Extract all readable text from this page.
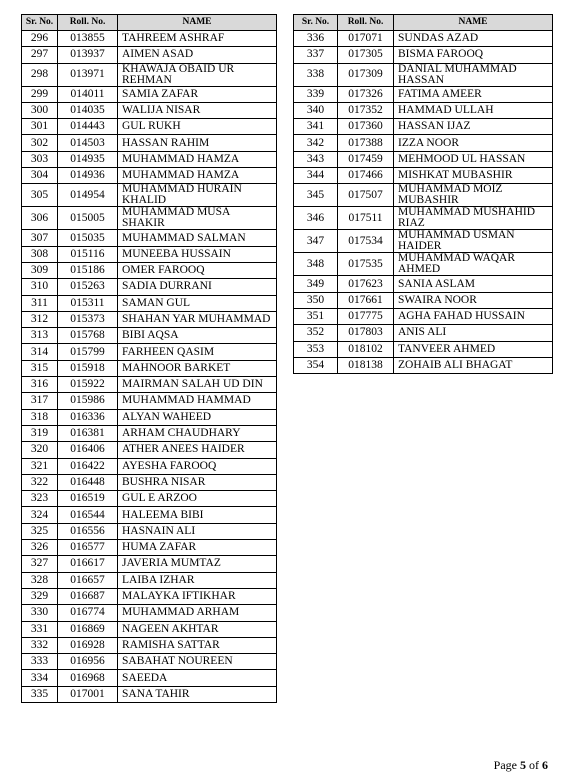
Sr. No.	Roll. No.	NAME
296	013855	TAHREEM ASHRAF
297	013937	AIMEN ASAD
298	013971	KHAWAJA OBAID UR REHMAN
299	014011	SAMIA ZAFAR
300	014035	WALIJA NISAR
301	014443	GUL RUKH
302	014503	HASSAN RAHIM
303	014935	MUHAMMAD HAMZA
304	014936	MUHAMMAD HAMZA
305	014954	MUHAMMAD HURAIN KHALID
306	015005	MUHAMMAD MUSA SHAKIR
307	015035	MUHAMMAD SALMAN
308	015116	MUNEEBA HUSSAIN
309	015186	OMER FAROOQ
310	015263	SADIA DURRANI
311	015311	SAMAN GUL
312	015373	SHAHAN YAR MUHAMMAD
313	015768	BIBI AQSA
314	015799	FARHEEN QASIM
315	015918	MAHNOOR BARKET
316	015922	MAIRMAN SALAH UD DIN
317	015986	MUHAMMAD HAMMAD
318	016336	ALYAN WAHEED
319	016381	ARHAM CHAUDHARY
320	016406	ATHER ANEES HAIDER
321	016422	AYESHA FAROOQ
322	016448	BUSHRA NISAR
323	016519	GUL E ARZOO
324	016544	HALEEMA BIBI
325	016556	HASNAIN ALI
326	016577	HUMA ZAFAR
327	016617	JAVERIA MUMTAZ
328	016657	LAIBA IZHAR
329	016687	MALAYKA IFTIKHAR
330	016774	MUHAMMAD ARHAM
331	016869	NAGEEN AKHTAR
332	016928	RAMISHA SATTAR
333	016956	SABAHAT NOUREEN
334	016968	SAEEDA
335	017001	SANA TAHIR
Sr. No.	Roll. No.	NAME
336	017071	SUNDAS AZAD
337	017305	BISMA FAROOQ
338	017309	DANIAL MUHAMMAD HASSAN
339	017326	FATIMA AMEER
340	017352	HAMMAD ULLAH
341	017360	HASSAN IJAZ
342	017388	IZZA NOOR
343	017459	MEHMOOD UL HASSAN
344	017466	MISHKAT MUBASHIR
345	017507	MUHAMMAD MOIZ MUBASHIR
346	017511	MUHAMMAD MUSHAHID RIAZ
347	017534	MUHAMMAD USMAN HAIDER
348	017535	MUHAMMAD WAQAR AHMED
349	017623	SANIA ASLAM
350	017661	SWAIRA NOOR
351	017775	AGHA FAHAD HUSSAIN
352	017803	ANIS ALI
353	018102	TANVEER AHMED
354	018138	ZOHAIB ALI BHAGAT
Page 5 of 6
